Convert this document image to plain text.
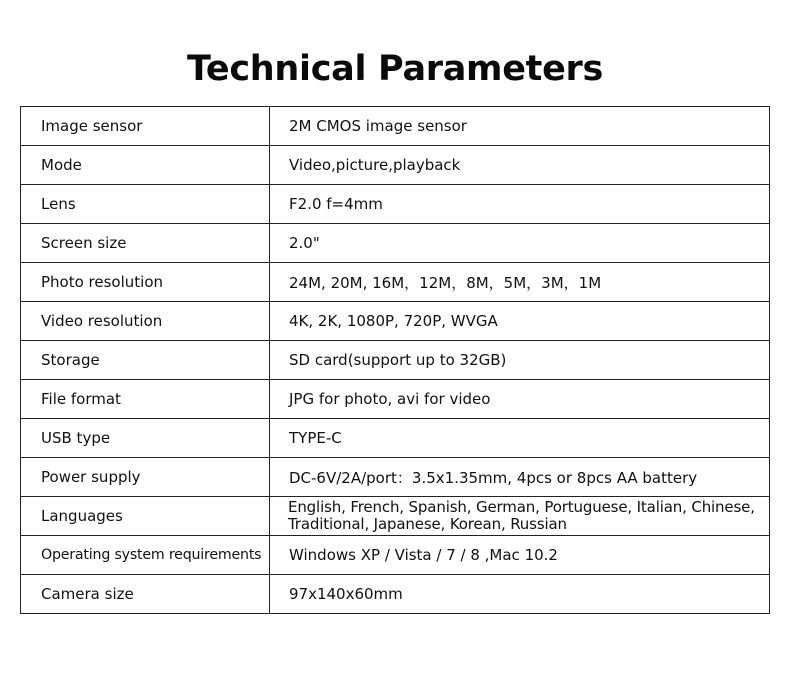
Technical Parameters
Image sensor	2M CMOS image sensor
Mode	Video,picture,playback
Lens	F2.0 f=4mm
Screen size	2.0"
Photo resolution	24M, 20M, 16M，12M，8M，5M，3M，1M
Video resolution	4K, 2K, 1080P, 720P, WVGA
Storage	SD card(support up to 32GB)
File format	JPG for photo, avi for video
USB type	TYPE-C
Power supply	DC-6V/2A/port：3.5x1.35mm, 4pcs or 8pcs AA battery
Languages	English, French, Spanish, German, Portuguese, Italian, Chinese, Traditional, Japanese, Korean, Russian
Operating system requirements	Windows XP / Vista / 7 / 8 ,Mac 10.2
Camera size	97x140x60mm
